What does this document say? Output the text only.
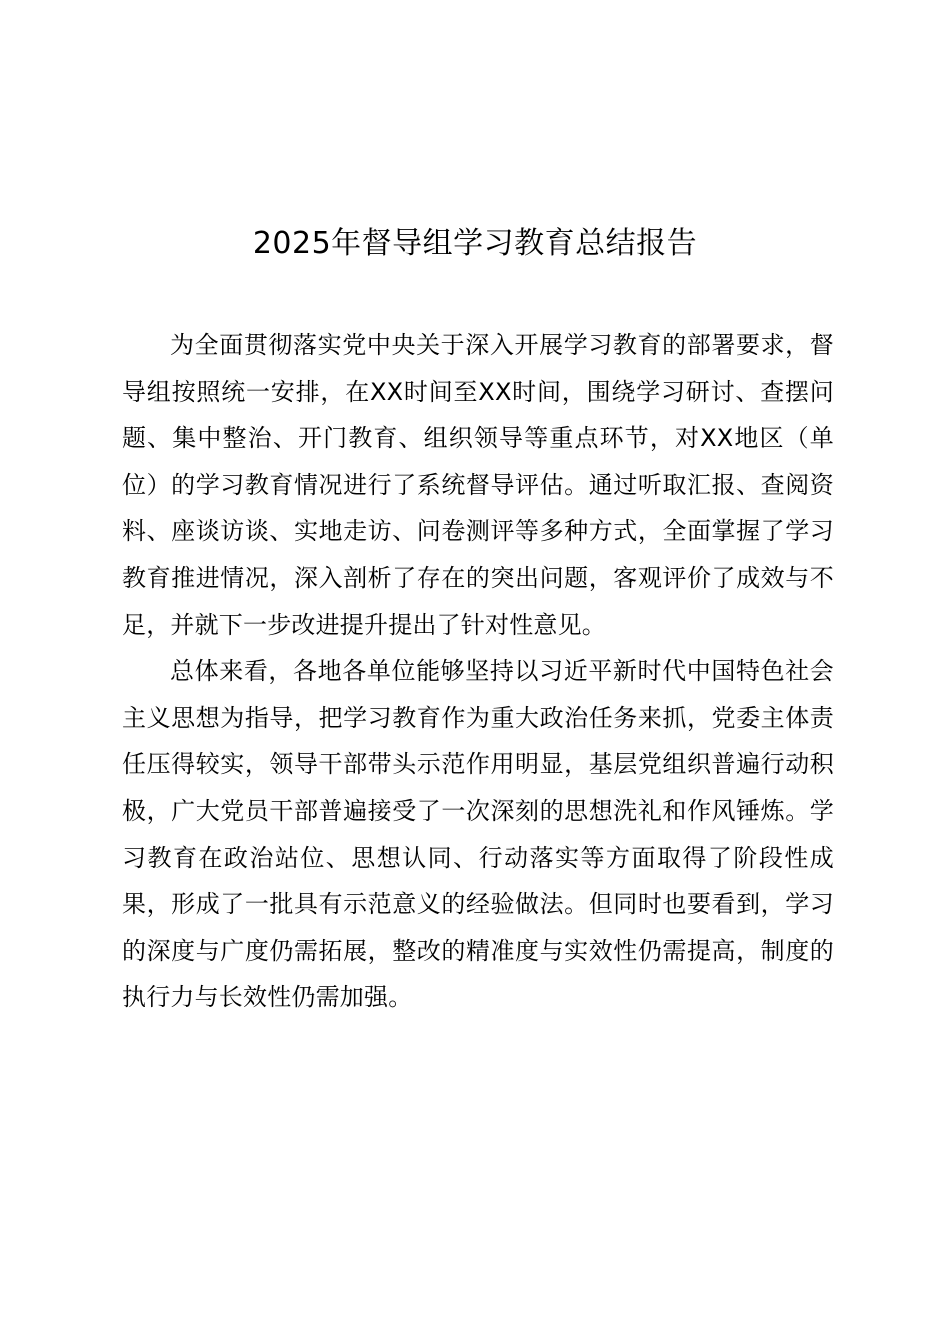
2025年督导组学习教育总结报告

为全面贯彻落实党中央关于深入开展学习教育的部署要求，督导组按照统一安排，在XX时间至XX时间，围绕学习研讨、查摆问题、集中整治、开门教育、组织领导等重点环节，对XX地区（单位）的学习教育情况进行了系统督导评估。通过听取汇报、查阅资料、座谈访谈、实地走访、问卷测评等多种方式，全面掌握了学习教育推进情况，深入剖析了存在的突出问题，客观评价了成效与不足，并就下一步改进提升提出了针对性意见。

总体来看，各地各单位能够坚持以习近平新时代中国特色社会主义思想为指导，把学习教育作为重大政治任务来抓，党委主体责任压得较实，领导干部带头示范作用明显，基层党组织普遍行动积极，广大党员干部普遍接受了一次深刻的思想洗礼和作风锤炼。学习教育在政治站位、思想认同、行动落实等方面取得了阶段性成果，形成了一批具有示范意义的经验做法。但同时也要看到，学习的深度与广度仍需拓展，整改的精准度与实效性仍需提高，制度的执行力与长效性仍需加强。
